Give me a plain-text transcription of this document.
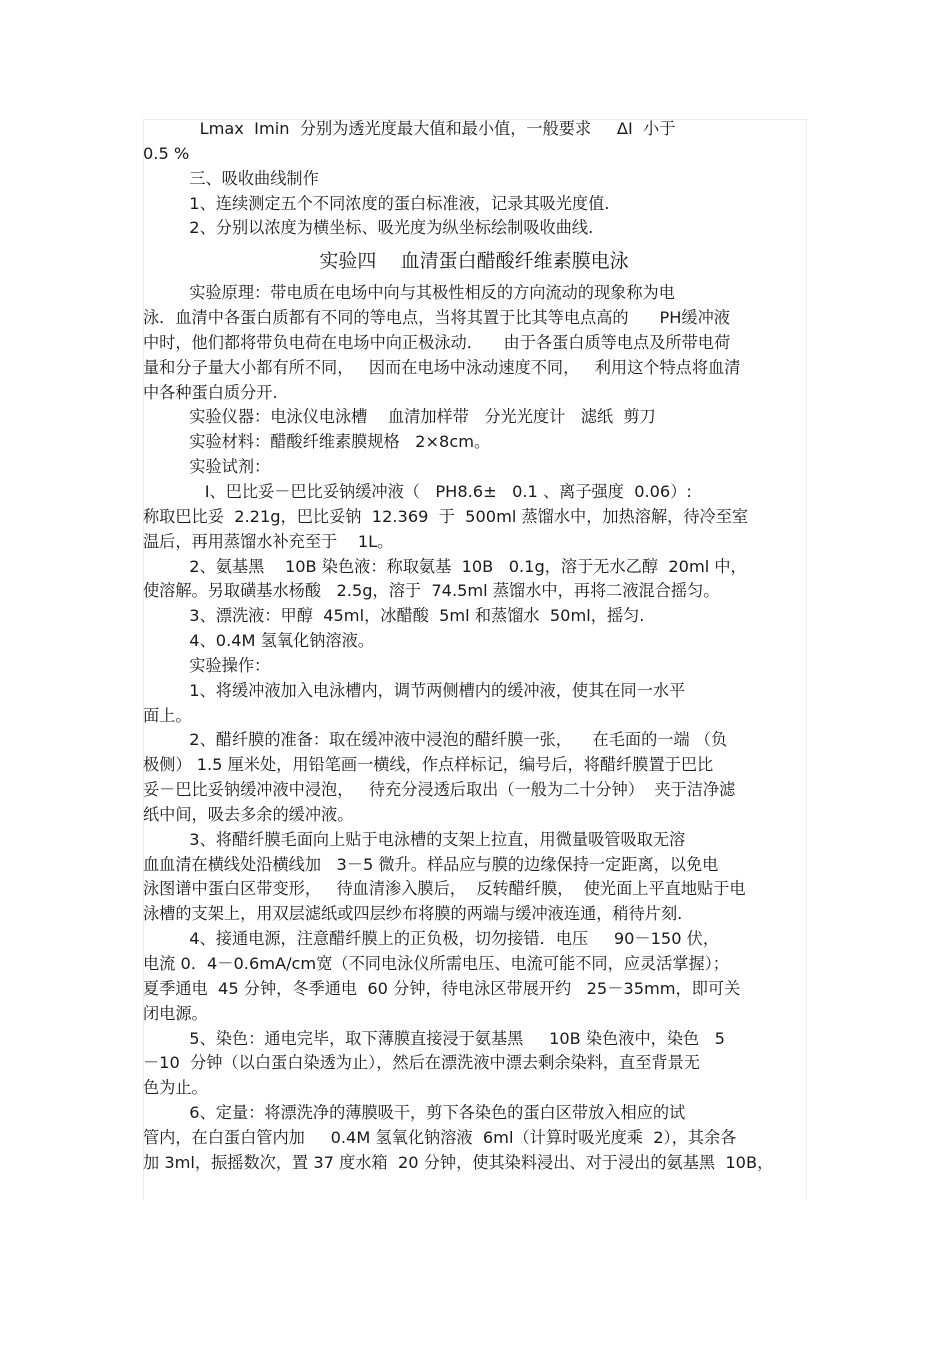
Lmax  Imin  分别为透光度最大值和最小值，一般要求     ΔI  小于
0.5 %
三、吸收曲线制作
1、连续测定五个不同浓度的蛋白标准液，记录其吸光度值.
2、分别以浓度为横坐标、吸光度为纵坐标绘制吸收曲线.
实验四    血清蛋白醋酸纤维素膜电泳
实验原理：带电质在电场中向与其极性相反的方向流动的现象称为电
泳．血清中各蛋白质都有不同的等电点，当将其置于比其等电点高的      PH缓冲液
中时，他们都将带负电荷在电场中向正极泳动．    由于各蛋白质等电点及所带电荷
量和分子量大小都有所不同，   因而在电场中泳动速度不同，   利用这个特点将血清
中各种蛋白质分开.
实验仪器：电泳仪电泳槽    血清加样带   分光光度计   滤纸  剪刀
实验材料：醋酸纤维素膜规格   2×8cm。
实验试剂：
Ⅰ、巴比妥－巴比妥钠缓冲液（   PH8.6±   0.1 、离子强度  0.06）:
称取巴比妥  2.21g，巴比妥钠  12.369  于  500ml 蒸馏水中，加热溶解，待冷至室
温后，再用蒸馏水补充至于    1L。
2、氨基黑    10B 染色液：称取氨基  10B   0.1g，溶于无水乙醇  20ml 中，
使溶解。另取磺基水杨酸   2.5g，溶于  74.5ml 蒸馏水中，再将二液混合摇匀。
3、漂洗液：甲醇  45ml，冰醋酸  5ml 和蒸馏水  50ml，摇匀.
4、0.4M 氢氧化钠溶液。
实验操作：
1、将缓冲液加入电泳槽内，调节两侧槽内的缓冲液，使其在同一水平
面上。
2、醋纤膜的准备：取在缓冲液中浸泡的醋纤膜一张，    在毛面的一端 （负
极侧） 1.5 厘米处，用铅笔画一横线，作点样标记，编号后，将醋纤膜置于巴比
妥－巴比妥钠缓冲液中浸泡，   待充分浸透后取出（一般为二十分钟）  夹于洁净滤
纸中间，吸去多余的缓冲液。
3、将醋纤膜毛面向上贴于电泳槽的支架上拉直，用微量吸管吸取无溶
血血清在横线处沿横线加   3－5 微升。样品应与膜的边缘保持一定距离，以免电
泳图谱中蛋白区带变形，   待血清渗入膜后，  反转醋纤膜，  使光面上平直地贴于电
泳槽的支架上，用双层滤纸或四层纱布将膜的两端与缓冲液连通，稍待片刻.
4、接通电源，注意醋纤膜上的正负极，切勿接错．电压     90－150 伏，
电流 0．4－0.6mA/cm宽（不同电泳仪所需电压、电流可能不同，应灵活掌握）；
夏季通电  45 分钟，冬季通电  60 分钟，待电泳区带展开约   25－35mm，即可关
闭电源。
5、染色：通电完毕，取下薄膜直接浸于氨基黑     10B 染色液中，染色   5
－10  分钟（以白蛋白染透为止），然后在漂洗液中漂去剩余染料，直至背景无
色为止。
6、定量：将漂洗净的薄膜吸干，剪下各染色的蛋白区带放入相应的试
管内，在白蛋白管内加     0.4M 氢氧化钠溶液  6ml（计算时吸光度乘  2），其余各
加 3ml，振摇数次，置 37 度水箱  20 分钟，使其染料浸出、对于浸出的氨基黑  10B，
